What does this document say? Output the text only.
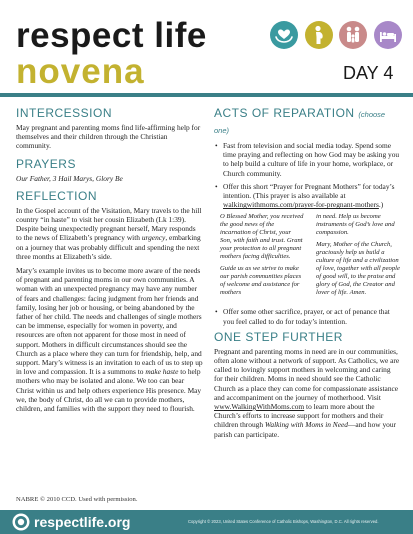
respect life
novena	DAY 4
INTERCESSION
May pregnant and parenting moms find life-affirming help for themselves and their children through the Christian community.
PRAYERS
Our Father, 3 Hail Marys, Glory Be
REFLECTION
In the Gospel account of the Visitation, Mary travels to the hill country “in haste” to visit her cousin Elizabeth (Lk 1:39). Despite being unexpectedly pregnant herself, Mary responds to the news of Elizabeth’s pregnancy with urgency, embarking on a journey that was probably difficult and spending the next three months at Elizabeth’s side.
Mary’s example invites us to become more aware of the needs of pregnant and parenting moms in our own communities. A woman with an unexpected pregnancy may have any number of fears and challenges: facing judgment from her friends and family, losing her job or housing, or being abandoned by the father of her child. The needs and challenges of single mothers can be immense, especially for women in poverty, and resources are often not apparent for those most in need of support. Mothers in difficult circumstances should see the Church as a place where they can turn for friendship, help, and support. Mary’s witness is an invitation to each of us to step up in love and compassion. It is a summons to make haste to help mothers who may be isolated and alone. We too can bear Christ within us and help others experience His presence. May we, the body of Christ, do all we can to provide mothers, children, and families with the support they need to flourish.
NABRE © 2010 CCD. Used with permission.
ACTS OF REPARATION (choose one)
• Fast from television and social media today. Spend some time praying and reflecting on how God may be asking you to help build a culture of life in your home, workplace, or Church community.
• Offer this short “Prayer for Pregnant Mothers” for today’s intention. (This prayer is also available at walkingwithmoms.com/prayer-for-pregnant-mothers.)
O Blessed Mother, you received the good news of the incarnation of Christ, your Son, with faith and trust. Grant your protection to all pregnant mothers facing difficulties.
Guide us as we strive to make our parish communities places of welcome and assistance for mothers
in need. Help us become instruments of God’s love and compassion.
Mary, Mother of the Church, graciously help us build a culture of life and a civilization of love, together with all people of good will, to the praise and glory of God, the Creator and lover of life. Amen.
• Offer some other sacrifice, prayer, or act of penance that you feel called to do for today’s intention.
ONE STEP FURTHER
Pregnant and parenting moms in need are in our communities, often alone without a network of support. As Catholics, we are called to lovingly support mothers in welcoming and caring for their children. Moms in need should see the Catholic Church as a place they can come for compassionate assistance and accompaniment on the journey of motherhood. Visit www.WalkingWithMoms.com to learn more about the Church’s efforts to increase support for mothers and their children through Walking with Moms in Need—and how your parish can participate.
respectlife.org	Copyright © 2023, United States Conference of Catholic Bishops, Washington, D.C. All rights reserved.
